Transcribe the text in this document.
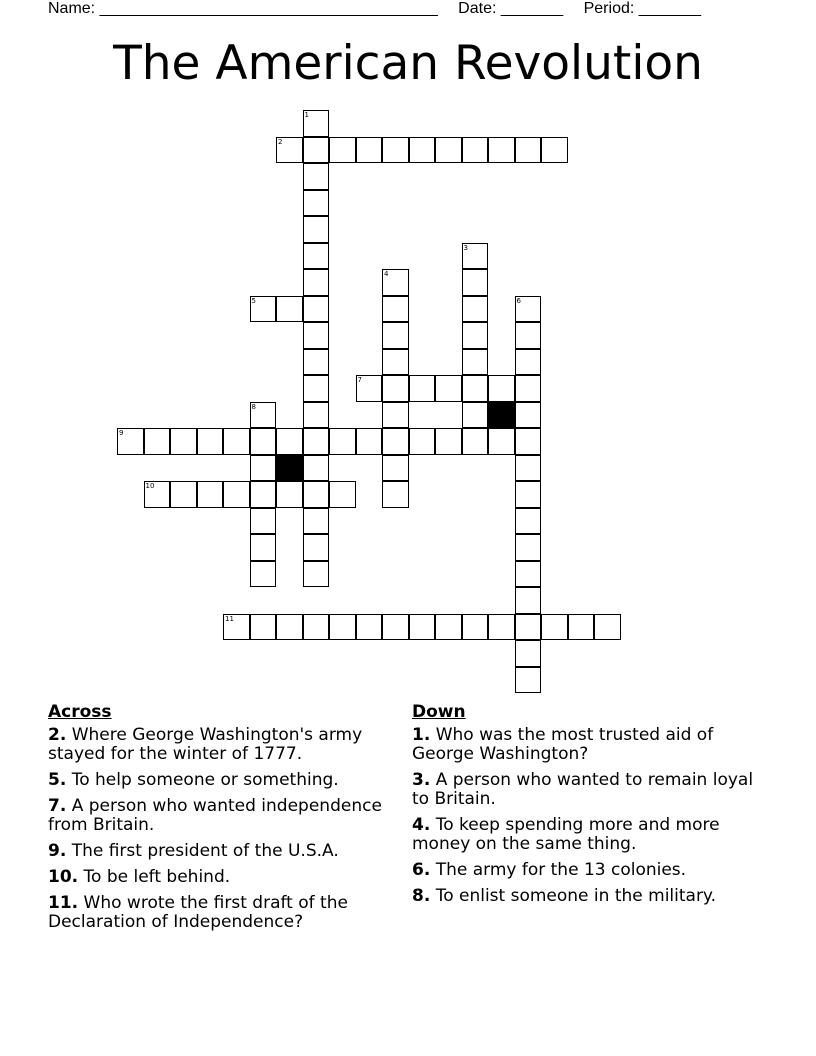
Name: ______________________________________ Date: _______ Period: _______
The American Revolution
2
5
7
9
10
11
1
3
4
6
8
Across
2. Where George Washington's army stayed for the winter of 1777.
5. To help someone or something.
7. A person who wanted independence from Britain.
9. The first president of the U.S.A.
10. To be left behind.
11. Who wrote the first draft of the Declaration of Independence?
Down
1. Who was the most trusted aid of George Washington?
3. A person who wanted to remain loyal to Britain.
4. To keep spending more and more money on the same thing.
6. The army for the 13 colonies.
8. To enlist someone in the military.
